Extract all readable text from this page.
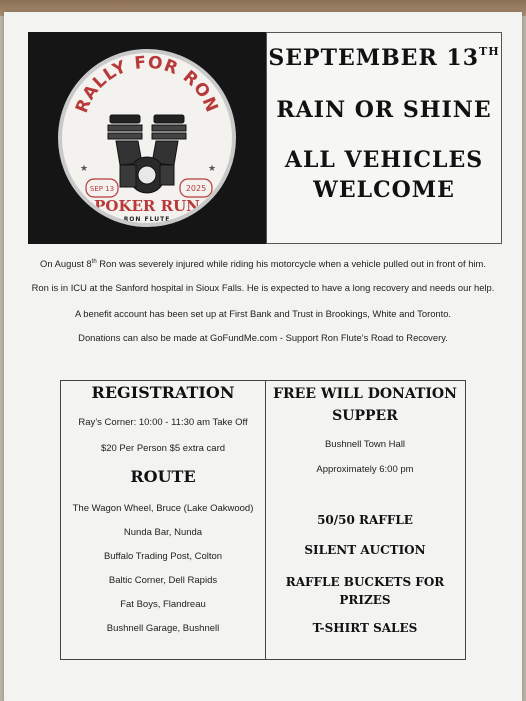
RALLY FOR RON
★	★
SEP 13	2025
POKER RUN
RON FLUTE
SEPTEMBER 13TH
RAIN OR SHINE
ALL VEHICLES
WELCOME
On August 8th Ron was severely injured while riding his motorcycle when a vehicle pulled out in front of him.
Ron is in ICU at the Sanford hospital in Sioux Falls. He is expected to have a long recovery and needs our help.
A benefit account has been set up at First Bank and Trust in Brookings, White and Toronto.
Donations can also be made at GoFundMe.com - Support Ron Flute’s Road to Recovery.
REGISTRATION
Ray’s Corner: 10:00 - 11:30 am Take Off
$20 Per Person $5 extra card
ROUTE
The Wagon Wheel, Bruce (Lake Oakwood)
Nunda Bar, Nunda
Buffalo Trading Post, Colton
Baltic Corner, Dell Rapids
Fat Boys, Flandreau
Bushnell Garage, Bushnell
FREE WILL DONATION
SUPPER
Bushnell Town Hall
Approximately 6:00 pm
50/50 RAFFLE
SILENT AUCTION
RAFFLE BUCKETS FOR
PRIZES
T-SHIRT SALES
